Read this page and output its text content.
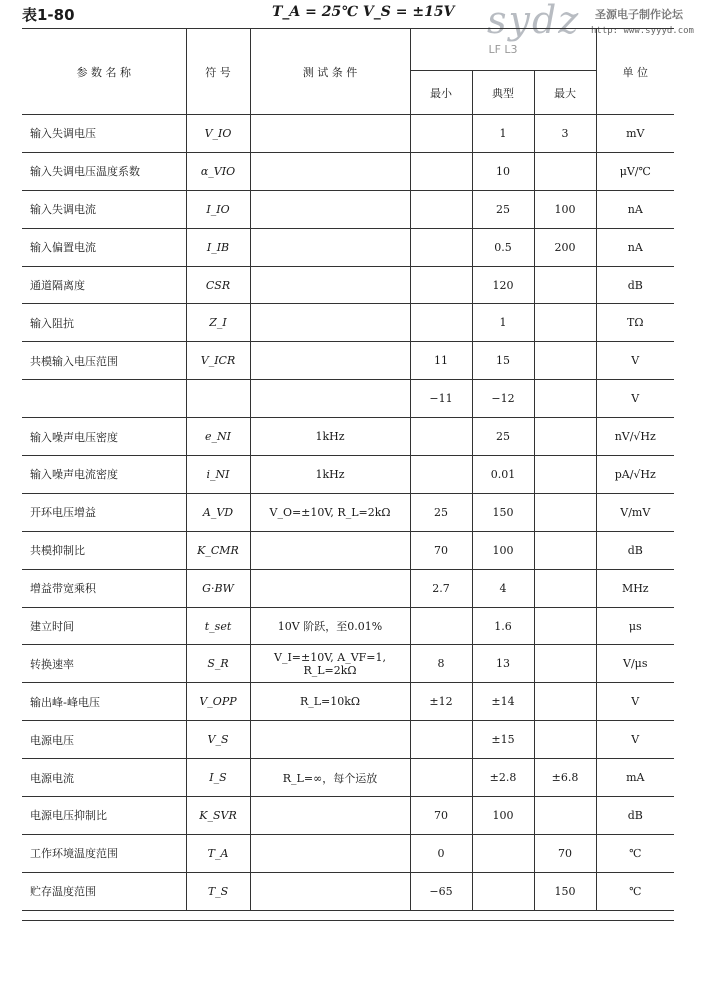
表1-80	T_A = 25℃ V_S = ±15V sydz 圣源电子制作论坛
http: www.syyyd.com
参 数 名 称	符 号	测 试 条 件	LF L3			单 位
			最小	典型	最大	
输入失调电压	V_IO			1	3	mV
输入失调电压温度系数	α_VIO			10		μV/℃
输入失调电流	I_IO			25	100	nA
输入偏置电流	I_IB			0.5	200	nA
通道隔离度	CSR			120		dB
输入阻抗	Z_I			1		TΩ
共模输入电压范围	V_ICR		11	15		V
			−11	−12		V
输入噪声电压密度	e_NI	1kHz		25		nV/√Hz
输入噪声电流密度	i_NI	1kHz		0.01		pA/√Hz
开环电压增益	A_VD	V_O=±10V, R_L=2kΩ	25	150		V/mV
共模抑制比	K_CMR		70	100		dB
增益带宽乘积	G·BW		2.7	4		MHz
建立时间	t_set	10V 阶跃，至0.01%		1.6		μs
转换速率	S_R	V_I=±10V, A_VF=1, R_L=2kΩ	8	13		V/μs
输出峰-峰电压	V_OPP	R_L=10kΩ	±12	±14		V
电源电压	V_S			±15		V
电源电流	I_S	R_L=∞，每个运放		±2.8	±6.8	mA
电源电压抑制比	K_SVR		70	100		dB
工作环境温度范围	T_A		0		70	℃
贮存温度范围	T_S		−65		150	℃
